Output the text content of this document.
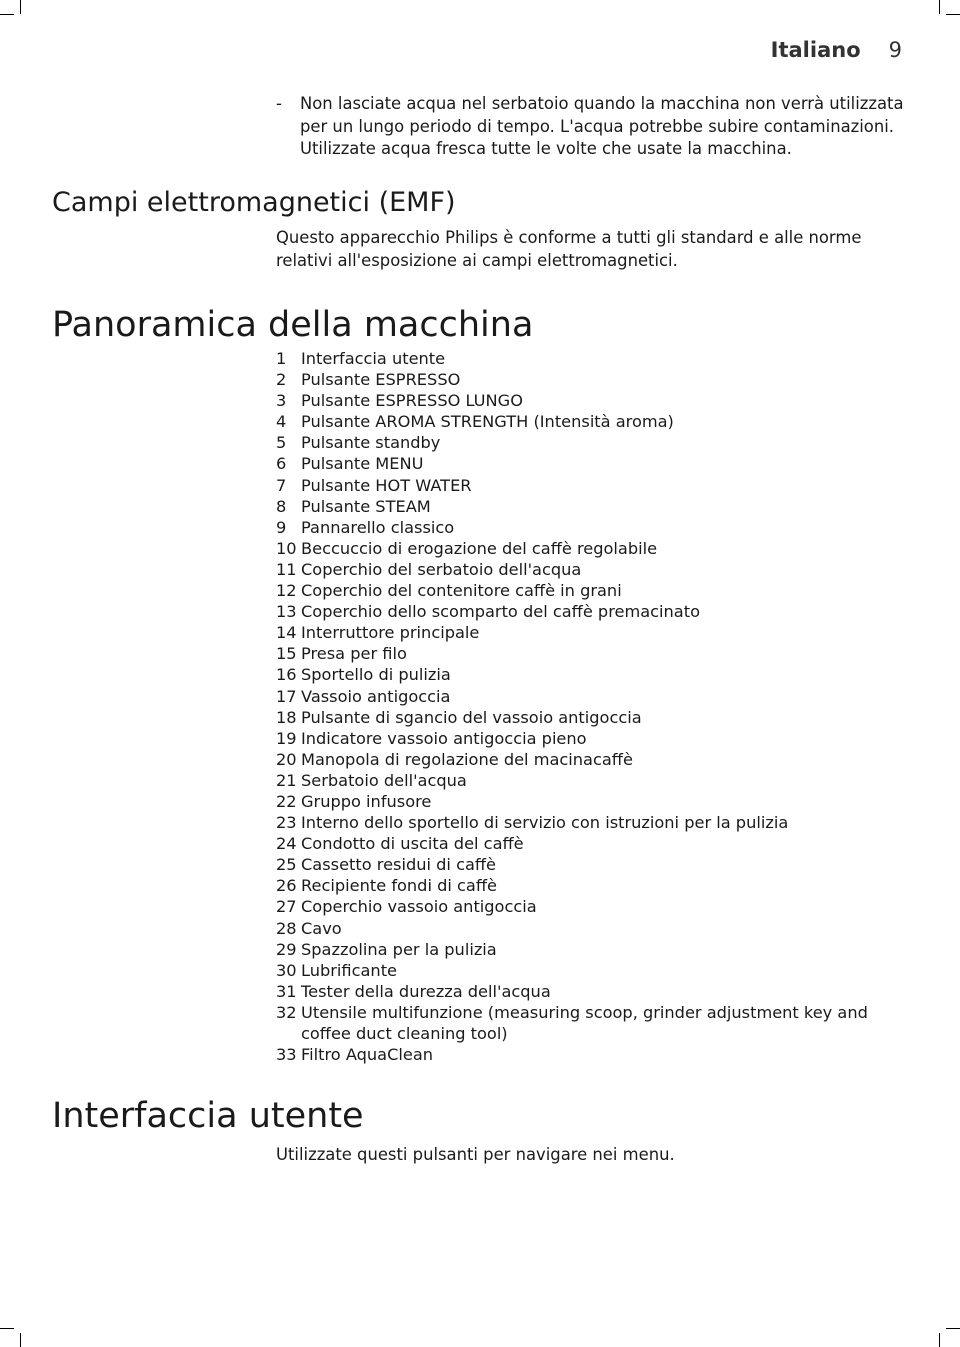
Italiano 9
-	Non lasciate acqua nel serbatoio quando la macchina non verrà utilizzata per un lungo periodo di tempo. L'acqua potrebbe subire contaminazioni. Utilizzate acqua fresca tutte le volte che usate la macchina.
Campi elettromagnetici (EMF)

Questo apparecchio Philips è conforme a tutti gli standard e alle norme relativi all'esposizione ai campi elettromagnetici.

Panoramica della macchina
1 Interfaccia utente
2 Pulsante ESPRESSO
3 Pulsante ESPRESSO LUNGO
4 Pulsante AROMA STRENGTH (Intensità aroma)
5 Pulsante standby
6 Pulsante MENU
7 Pulsante HOT WATER
8 Pulsante STEAM
9 Pannarello classico
10 Beccuccio di erogazione del caffè regolabile
11 Coperchio del serbatoio dell'acqua
12 Coperchio del contenitore caffè in grani
13 Coperchio dello scomparto del caffè premacinato
14 Interruttore principale
15 Presa per filo
16 Sportello di pulizia
17 Vassoio antigoccia
18 Pulsante di sgancio del vassoio antigoccia
19 Indicatore vassoio antigoccia pieno
20 Manopola di regolazione del macinacaffè
21 Serbatoio dell'acqua
22 Gruppo infusore
23 Interno dello sportello di servizio con istruzioni per la pulizia
24 Condotto di uscita del caffè
25 Cassetto residui di caffè
26 Recipiente fondi di caffè
27 Coperchio vassoio antigoccia
28 Cavo
29 Spazzolina per la pulizia
30 Lubrificante
31 Tester della durezza dell'acqua
32 Utensile multifunzione (measuring scoop, grinder adjustment key and coffee duct cleaning tool)
33 Filtro AquaClean
Interfaccia utente

Utilizzate questi pulsanti per navigare nei menu.
